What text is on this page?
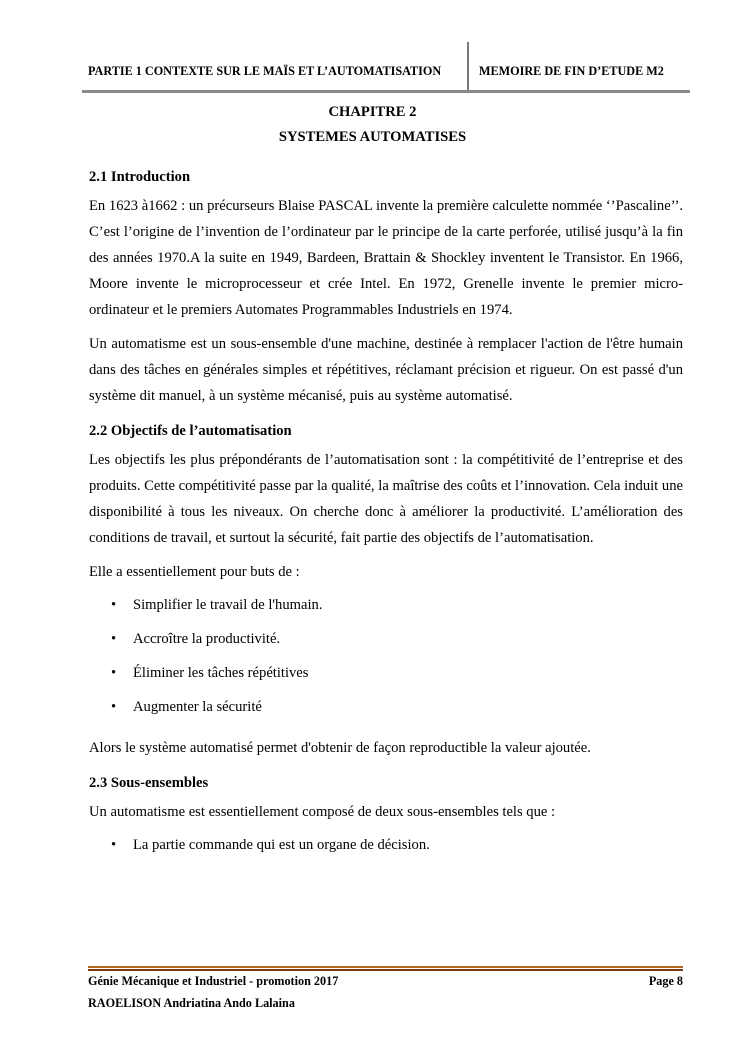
PARTIE 1 CONTEXTE SUR LE MAÏS ET L’AUTOMATISATION	MEMOIRE DE FIN D’ETUDE M2
CHAPITRE 2
SYSTEMES AUTOMATISES
2.1 Introduction

En 1623 à1662 : un précurseurs Blaise PASCAL invente la première calculette nommée ‘’Pascaline’’. C’est l’origine de l’invention de l’ordinateur par le principe de la carte perforée, utilisé jusqu’à la fin des années 1970.A la suite en 1949, Bardeen, Brattain & Shockley inventent le Transistor. En 1966, Moore invente le microprocesseur et crée Intel. En 1972, Grenelle invente le premier micro-ordinateur et le premiers Automates Programmables Industriels en 1974.

Un automatisme est un sous-ensemble d'une machine, destinée à remplacer l'action de l'être humain dans des tâches en générales simples et répétitives, réclamant précision et rigueur. On est passé d'un système dit manuel, à un système mécanisé, puis au système automatisé.

2.2 Objectifs de l’automatisation

Les objectifs les plus prépondérants de l’automatisation sont : la compétitivité de l’entreprise et des produits. Cette compétitivité passe par la qualité, la maîtrise des coûts et l’innovation. Cela induit une disponibilité à tous les niveaux. On cherche donc à améliorer la productivité. L’amélioration des conditions de travail, et surtout la sécurité, fait partie des objectifs de l’automatisation.

Elle a essentiellement pour buts de :

• Simplifier le travail de l'humain.
• Accroître la productivité.
• Éliminer les tâches répétitives
• Augmenter la sécurité

Alors le système automatisé permet d'obtenir de façon reproductible la valeur ajoutée.

2.3 Sous-ensembles

Un automatisme est essentiellement composé de deux sous-ensembles tels que :

• La partie commande qui est un organe de décision.
Génie Mécanique et Industriel - promotion 2017	Page 8
RAOELISON Andriatina Ando Lalaina
